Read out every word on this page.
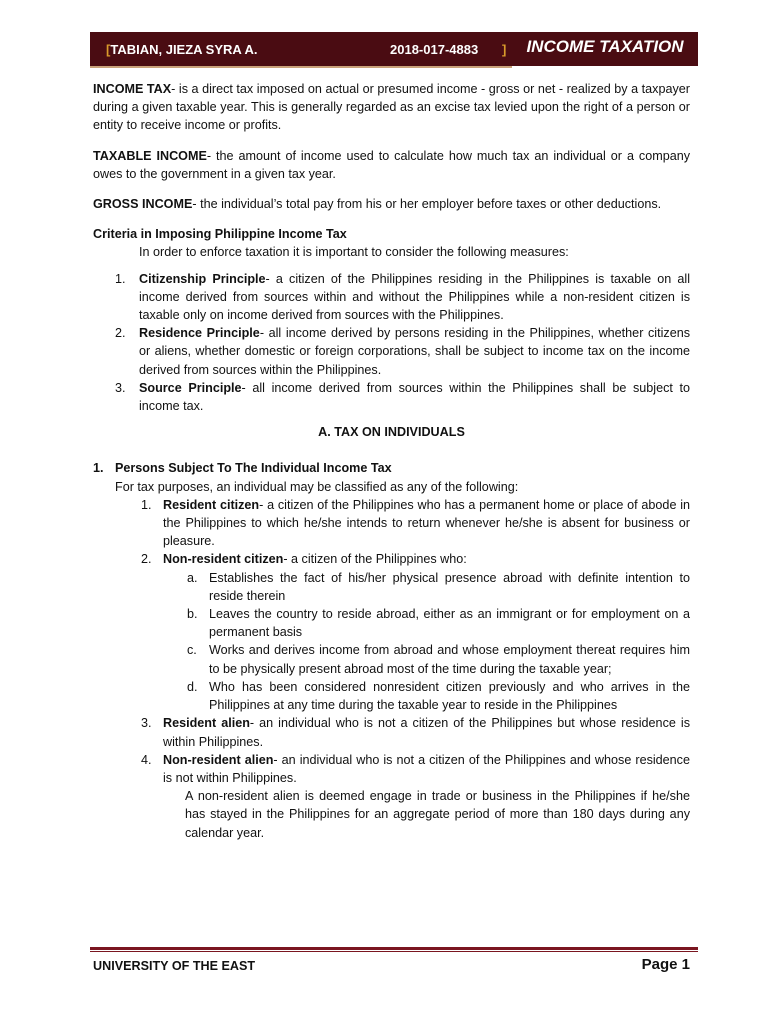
[TABIAN, JIEZA SYRA A.	2018-017-4883 ]	INCOME TAXATION

INCOME TAX- is a direct tax imposed on actual or presumed income - gross or net - realized by a taxpayer during a given taxable year. This is generally regarded as an excise tax levied upon the right of a person or entity to receive income or profits.

TAXABLE INCOME- the amount of income used to calculate how much tax an individual or a company owes to the government in a given tax year.

GROSS INCOME- the individual’s total pay from his or her employer before taxes or other deductions.

Criteria in Imposing Philippine Income Tax
In order to enforce taxation it is important to consider the following measures:
1. Citizenship Principle- a citizen of the Philippines residing in the Philippines is taxable on all income derived from sources within and without the Philippines while a non-resident citizen is taxable only on income derived from sources with the Philippines.
2. Residence Principle- all income derived by persons residing in the Philippines, whether citizens or aliens, whether domestic or foreign corporations, shall be subject to income tax on the income derived from sources within the Philippines.
3. Source Principle- all income derived from sources within the Philippines shall be subject to income tax.
A. TAX ON INDIVIDUALS
1. Persons Subject To The Individual Income Tax
For tax purposes, an individual may be classified as any of the following:
1. Resident citizen- a citizen of the Philippines who has a permanent home or place of abode in the Philippines to which he/she intends to return whenever he/she is absent for business or pleasure.
2. Non-resident citizen- a citizen of the Philippines who:
a. Establishes the fact of his/her physical presence abroad with definite intention to reside therein
b. Leaves the country to reside abroad, either as an immigrant or for employment on a permanent basis
c. Works and derives income from abroad and whose employment thereat requires him to be physically present abroad most of the time during the taxable year;
d. Who has been considered nonresident citizen previously and who arrives in the Philippines at any time during the taxable year to reside in the Philippines
3. Resident alien- an individual who is not a citizen of the Philippines but whose residence is within Philippines.
4. Non-resident alien- an individual who is not a citizen of the Philippines and whose residence is not within Philippines.
A non-resident alien is deemed engage in trade or business in the Philippines if he/she has stayed in the Philippines for an aggregate period of more than 180 days during any calendar year.
UNIVERSITY OF THE EAST	Page 1
